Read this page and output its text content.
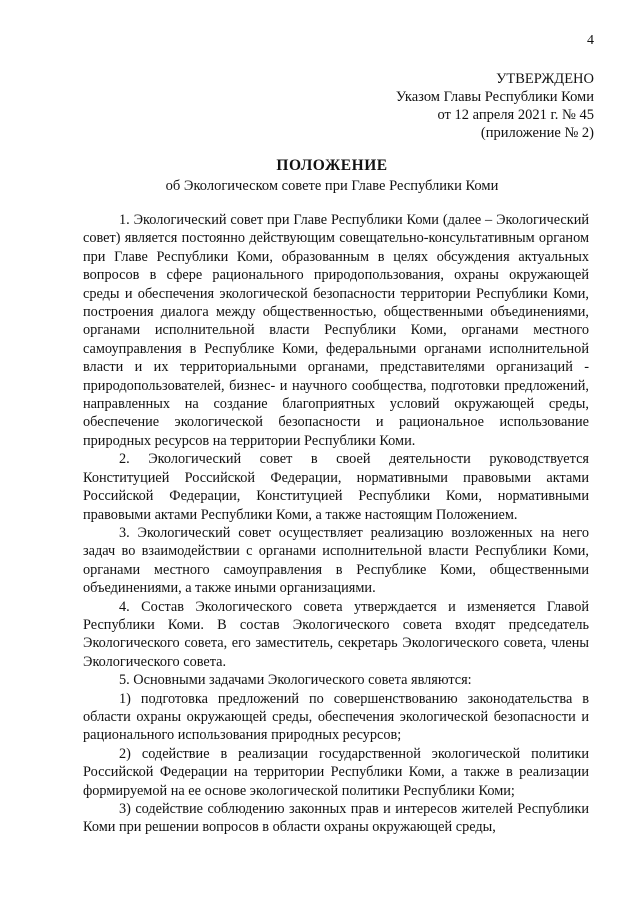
4
УТВЕРЖДЕНО
Указом Главы Республики Коми
от 12 апреля 2021 г. № 45
(приложение № 2)
ПОЛОЖЕНИЕ
об Экологическом совете при Главе Республики Коми

1. Экологический совет при Главе Республики Коми (далее – Экологический совет) является постоянно действующим совещательно-консультативным органом при Главе Республики Коми, образованным в целях обсуждения актуальных вопросов в сфере рационального природопользования, охраны окружающей среды и обеспечения экологической безопасности территории Республики Коми, построения диалога между общественностью, общественными объединениями, органами исполнительной власти Республики Коми, органами местного самоуправления в Республике Коми, федеральными органами исполнительной власти и их территориальными органами, представителями организаций - природопользователей, бизнес- и научного сообщества, подготовки предложений, направленных на создание благоприятных условий окружающей среды, обеспечение экологической безопасности и рациональное использование природных ресурсов на территории Республики Коми.

2. Экологический совет в своей деятельности руководствуется Конституцией Российской Федерации, нормативными правовыми актами Российской Федерации, Конституцией Республики Коми, нормативными правовыми актами Республики Коми, а также настоящим Положением.

3. Экологический совет осуществляет реализацию возложенных на него задач во взаимодействии с органами исполнительной власти Республики Коми, органами местного самоуправления в Республике Коми, общественными объединениями, а также иными организациями.

4. Состав Экологического совета утверждается и изменяется Главой Республики Коми. В состав Экологического совета входят председатель Экологического совета, его заместитель, секретарь Экологического совета, члены Экологического совета.

5. Основными задачами Экологического совета являются:

1) подготовка предложений по совершенствованию законодательства в области охраны окружающей среды, обеспечения экологической безопасности и рационального использования природных ресурсов;

2) содействие в реализации государственной экологической политики Российской Федерации на территории Республики Коми, а также в реализации формируемой на ее основе экологической политики Республики Коми;

3) содействие соблюдению законных прав и интересов жителей Республики Коми при решении вопросов в области охраны окружающей среды,
